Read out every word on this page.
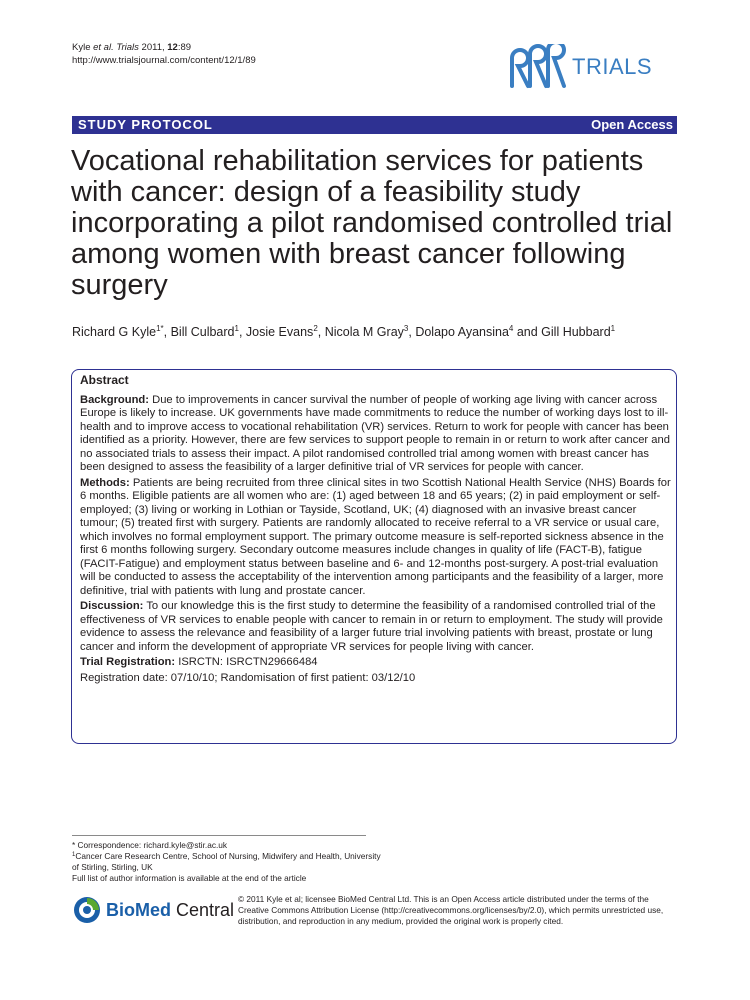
Kyle et al. Trials 2011, 12:89
http://www.trialsjournal.com/content/12/1/89	TRIALS
STUDY PROTOCOL	Open Access
Vocational rehabilitation services for patients with cancer: design of a feasibility study incorporating a pilot randomised controlled trial among women with breast cancer following surgery
Richard G Kyle$^{1*}$, Bill Culbard$^1$, Josie Evans$^2$, Nicola M Gray$^3$, Dolapo Ayansina$^4$ and Gill Hubbard$^1$
Abstract

Background: Due to improvements in cancer survival the number of people of working age living with cancer across Europe is likely to increase. UK governments have made commitments to reduce the number of working days lost to ill-health and to improve access to vocational rehabilitation (VR) services. Return to work for people with cancer has been identified as a priority. However, there are few services to support people to remain in or return to work after cancer and no associated trials to assess their impact. A pilot randomised controlled trial among women with breast cancer has been designed to assess the feasibility of a larger definitive trial of VR services for people with cancer.

Methods: Patients are being recruited from three clinical sites in two Scottish National Health Service (NHS) Boards for 6 months. Eligible patients are all women who are: (1) aged between 18 and 65 years; (2) in paid employment or self-employed; (3) living or working in Lothian or Tayside, Scotland, UK; (4) diagnosed with an invasive breast cancer tumour; (5) treated first with surgery. Patients are randomly allocated to receive referral to a VR service or usual care, which involves no formal employment support. The primary outcome measure is self-reported sickness absence in the first 6 months following surgery. Secondary outcome measures include changes in quality of life (FACT-B), fatigue (FACIT-Fatigue) and employment status between baseline and 6- and 12-months post-surgery. A post-trial evaluation will be conducted to assess the acceptability of the intervention among participants and the feasibility of a larger, more definitive, trial with patients with lung and prostate cancer.

Discussion: To our knowledge this is the first study to determine the feasibility of a randomised controlled trial of the effectiveness of VR services to enable people with cancer to remain in or return to employment. The study will provide evidence to assess the relevance and feasibility of a larger future trial involving patients with breast, prostate or lung cancer and inform the development of appropriate VR services for people living with cancer.

Trial Registration: ISRCTN: ISRCTN29666484

Registration date: 07/10/10; Randomisation of first patient: 03/12/10

* Correspondence: richard.kyle@stir.ac.uk
$^1$Cancer Care Research Centre, School of Nursing, Midwifery and Health, University of Stirling, Stirling, UK
Full list of author information is available at the end of the article
BioMed Central
© 2011 Kyle et al; licensee BioMed Central Ltd. This is an Open Access article distributed under the terms of the Creative Commons Attribution License (http://creativecommons.org/licenses/by/2.0), which permits unrestricted use, distribution, and reproduction in any medium, provided the original work is properly cited.
